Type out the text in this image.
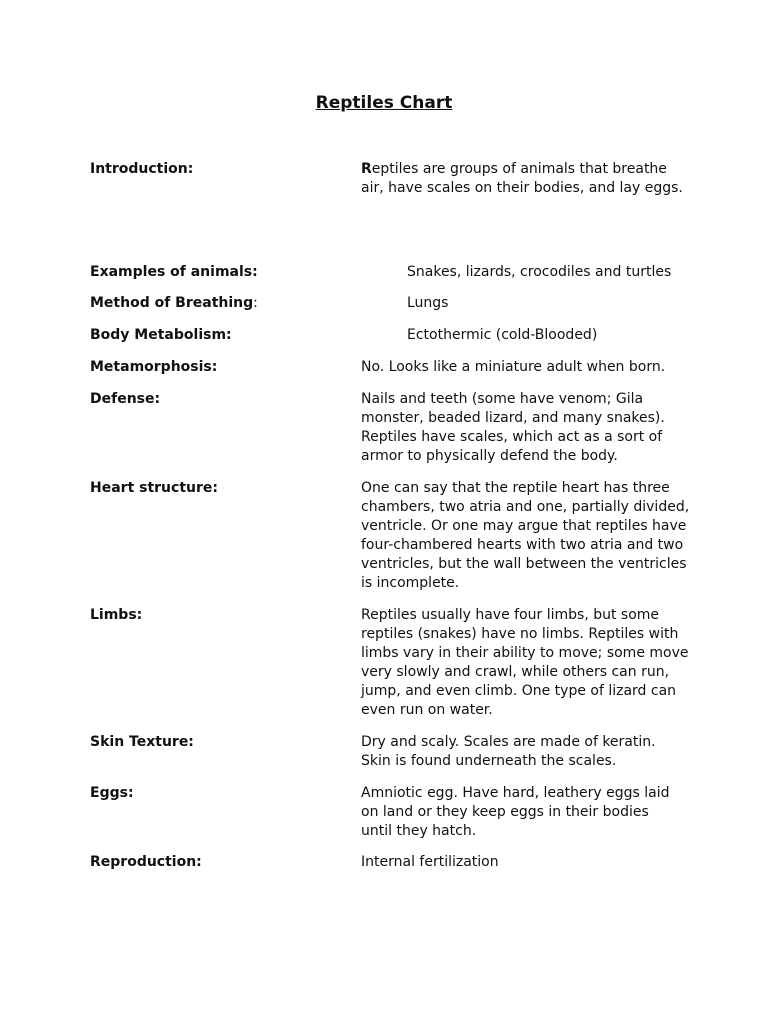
Reptiles Chart
Introduction:	Reptiles are groups of animals that breathe air, have scales on their bodies, and lay eggs.
Examples of animals:	Snakes, lizards, crocodiles and turtles
Method of Breathing:	Lungs
Body Metabolism:	Ectothermic (cold-Blooded)
Metamorphosis:	No. Looks like a miniature adult when born.
Defense:	Nails and teeth (some have venom; Gila monster, beaded lizard, and many snakes). Reptiles have scales, which act as a sort of armor to physically defend the body.
Heart structure:	One can say that the reptile heart has three chambers, two atria and one, partially divided, ventricle. Or one may argue that reptiles have four-chambered hearts with two atria and two ventricles, but the wall between the ventricles is incomplete.
Limbs:	Reptiles usually have four limbs, but some reptiles (snakes) have no limbs. Reptiles with limbs vary in their ability to move; some move very slowly and crawl, while others can run, jump, and even climb. One type of lizard can even run on water.
Skin Texture:	Dry and scaly. Scales are made of keratin. Skin is found underneath the scales.
Eggs:	Amniotic egg. Have hard, leathery eggs laid on land or they keep eggs in their bodies until they hatch.
Reproduction:	Internal fertilization
